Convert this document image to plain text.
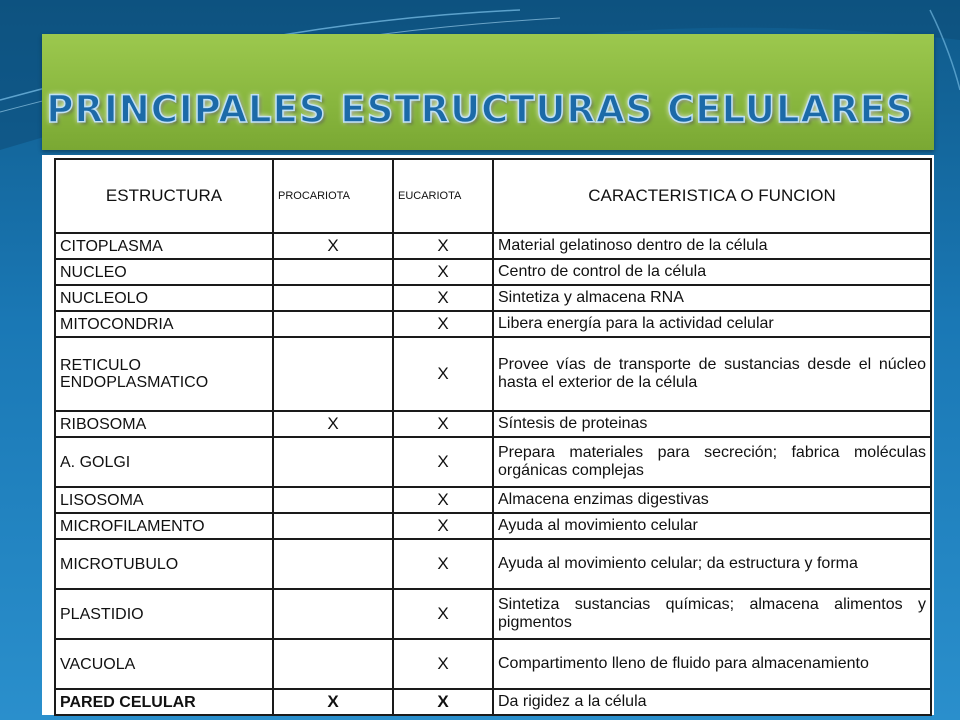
PRINCIPALES ESTRUCTURAS CELULARES
ESTRUCTURA	PROCARIOTA	EUCARIOTA	CARACTERISTICA O FUNCION
CITOPLASMA	X	X	Material gelatinoso dentro de la célula
NUCLEO		X	Centro de control de la célula
NUCLEOLO		X	Sintetiza y almacena RNA
MITOCONDRIA		X	Libera energía para la actividad celular
RETICULO ENDOPLASMATICO		X	Provee vías de transporte de sustancias desde el núcleo hasta el exterior de la célula
RIBOSOMA	X	X	Síntesis de proteinas
A. GOLGI		X	Prepara materiales para secreción; fabrica moléculas orgánicas complejas
LISOSOMA		X	Almacena enzimas digestivas
MICROFILAMENTO		X	Ayuda al movimiento celular
MICROTUBULO		X	Ayuda al movimiento celular; da estructura y forma
PLASTIDIO		X	Sintetiza sustancias químicas; almacena alimentos y pigmentos
VACUOLA		X	Compartimento lleno de fluido para almacenamiento
PARED CELULAR	X	X	Da rigidez a la célula
